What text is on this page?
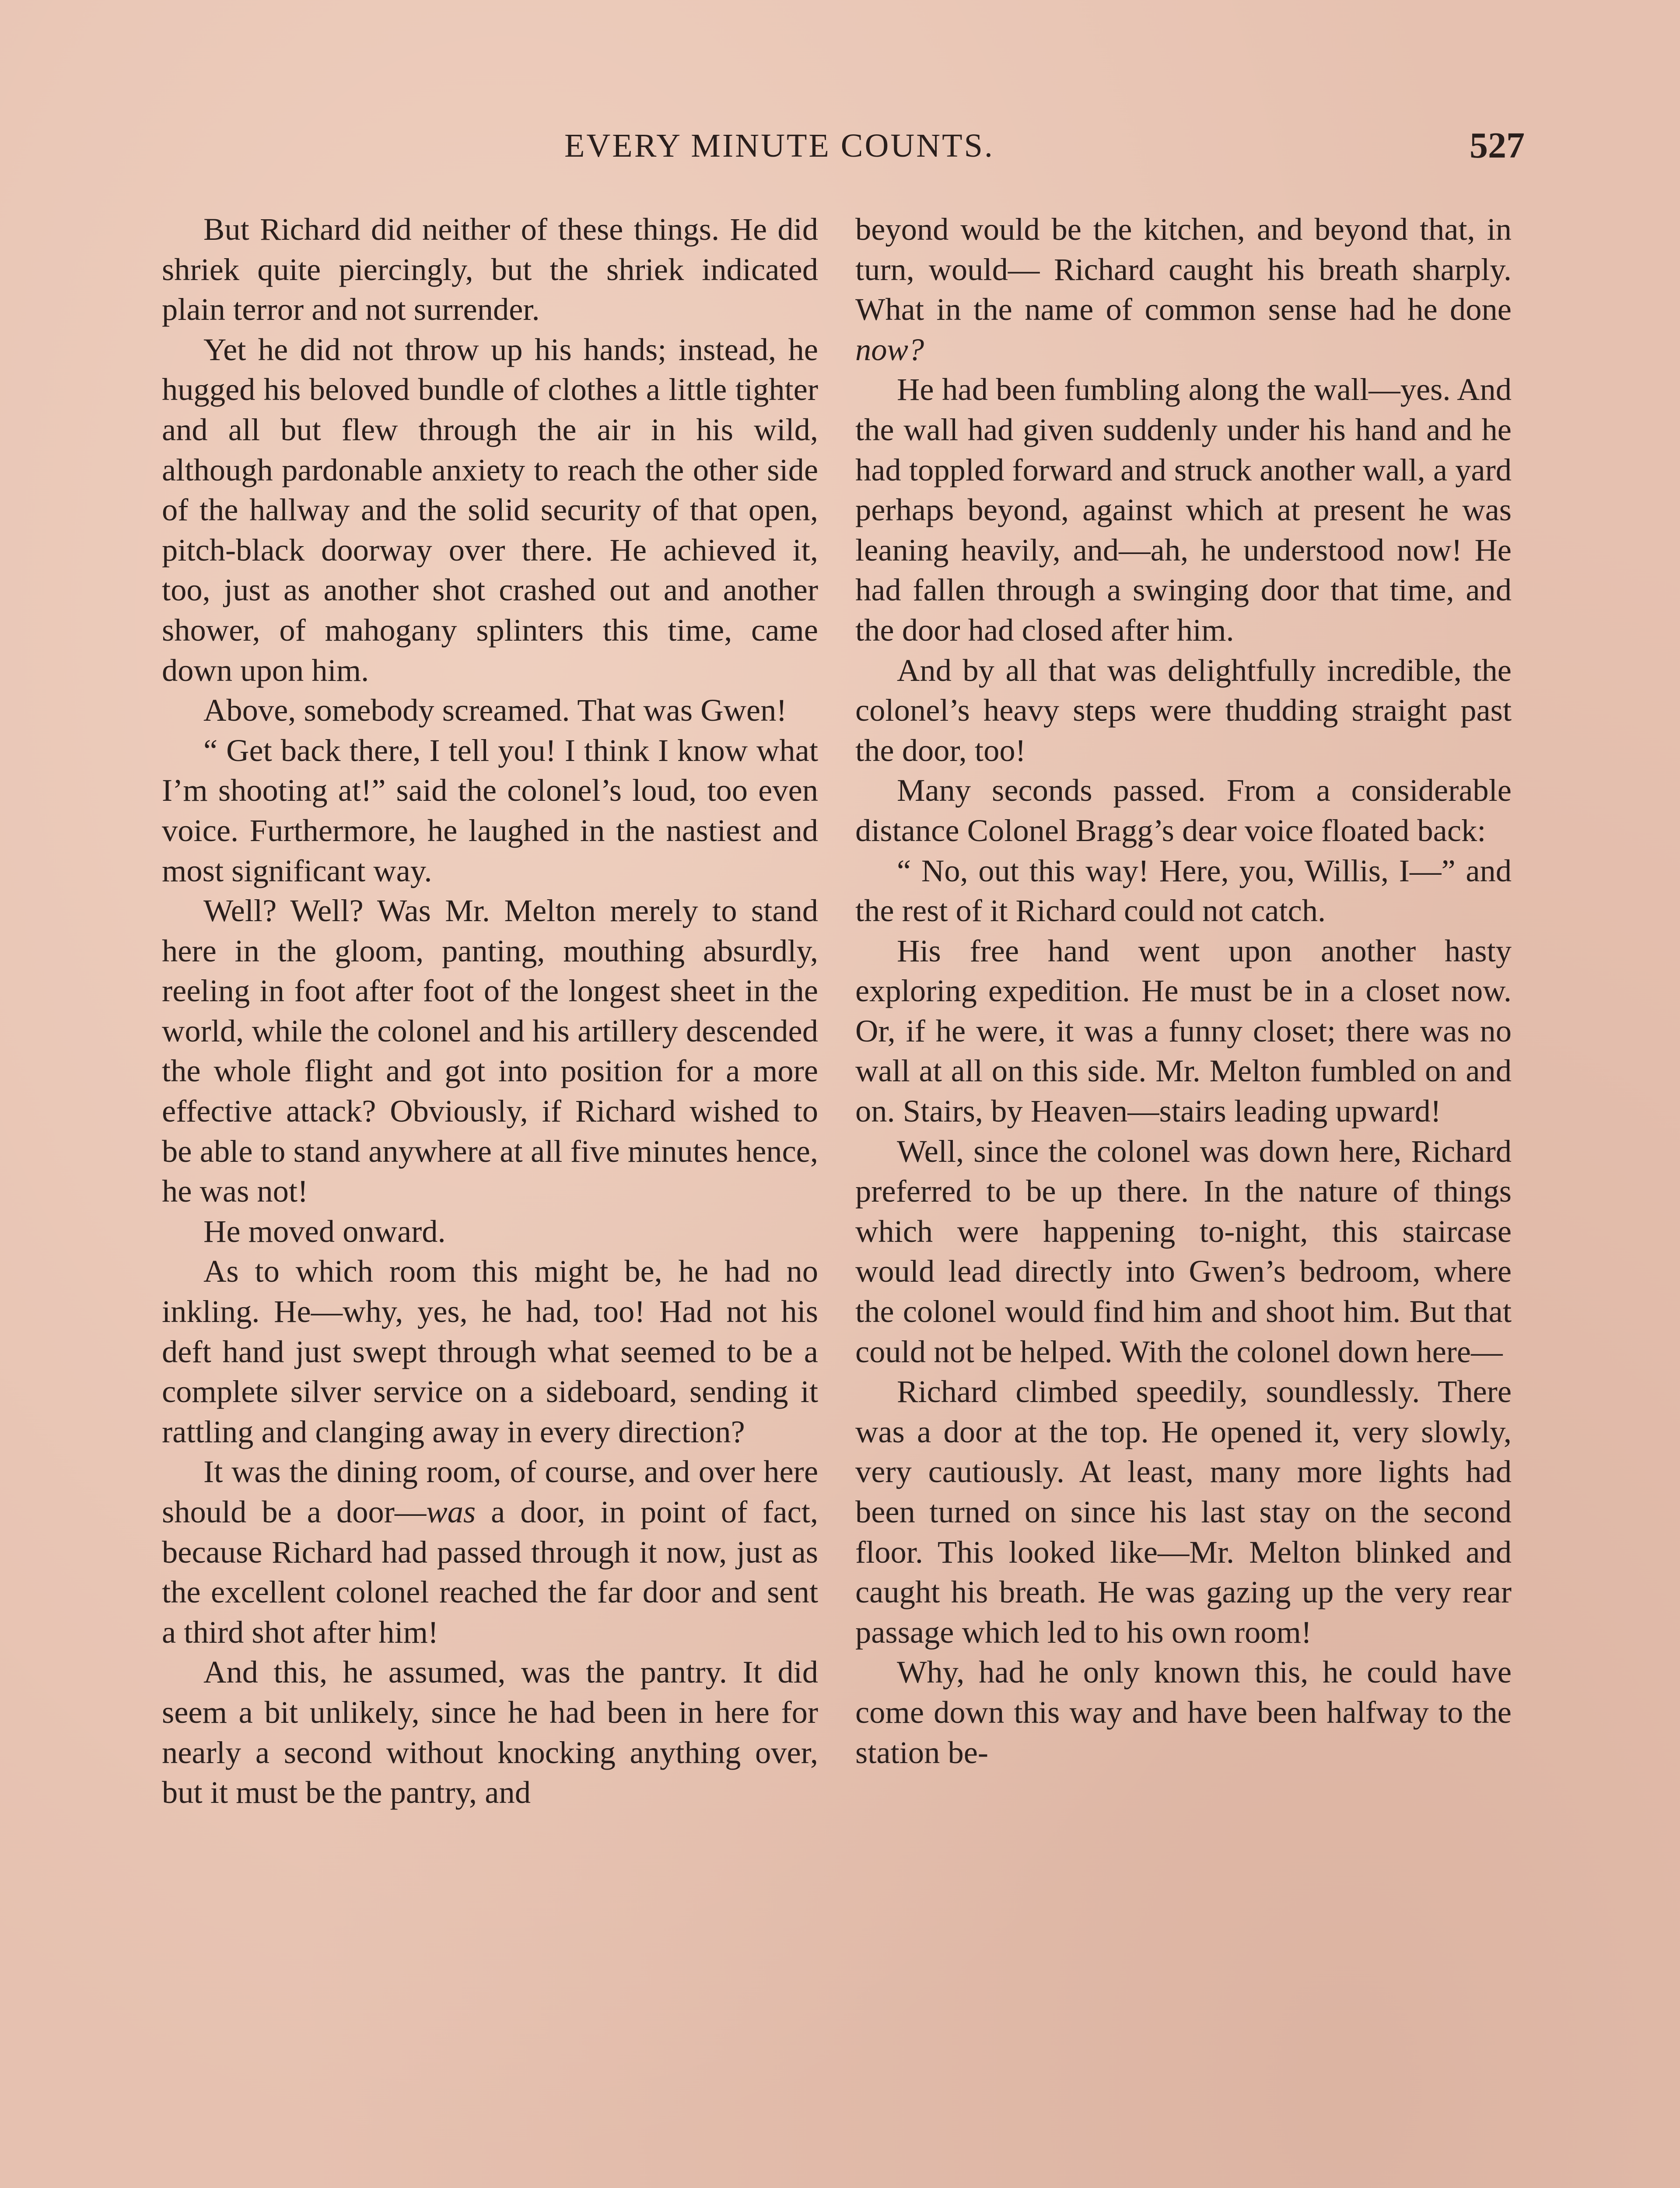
EVERY MINUTE COUNTS.	527

But Richard did neither of these things. He did shriek quite piercingly, but the shriek indicated plain terror and not surrender.

Yet he did not throw up his hands; instead, he hugged his beloved bundle of clothes a little tighter and all but flew through the air in his wild, although pardonable anxiety to reach the other side of the hallway and the solid security of that open, pitch-black doorway over there. He achieved it, too, just as another shot crashed out and another shower, of mahogany splinters this time, came down upon him.

Above, somebody screamed. That was Gwen!

“ Get back there, I tell you! I think I know what I’m shooting at!” said the colonel’s loud, too even voice. Furthermore, he laughed in the nastiest and most significant way.

Well? Well? Was Mr. Melton merely to stand here in the gloom, panting, mouthing absurdly, reeling in foot after foot of the longest sheet in the world, while the colonel and his artillery descended the whole flight and got into position for a more effective attack? Obviously, if Richard wished to be able to stand anywhere at all five minutes hence, he was not!

He moved onward.

As to which room this might be, he had no inkling. He—why, yes, he had, too! Had not his deft hand just swept through what seemed to be a complete silver service on a sideboard, sending it rattling and clanging away in every direction?

It was the dining room, of course, and over here should be a door—was a door, in point of fact, because Richard had passed through it now, just as the excellent colonel reached the far door and sent a third shot after him!

And this, he assumed, was the pantry. It did seem a bit unlikely, since he had been in here for nearly a second without knocking anything over, but it must be the pantry, and

beyond would be the kitchen, and beyond that, in turn, would— Richard caught his breath sharply. What in the name of common sense had he done now?

He had been fumbling along the wall—yes. And the wall had given suddenly under his hand and he had toppled forward and struck another wall, a yard perhaps beyond, against which at present he was leaning heavily, and—ah, he understood now! He had fallen through a swinging door that time, and the door had closed after him.

And by all that was delightfully incredible, the colonel’s heavy steps were thudding straight past the door, too!

Many seconds passed. From a considerable distance Colonel Bragg’s dear voice floated back:

“ No, out this way! Here, you, Willis, I—” and the rest of it Richard could not catch.

His free hand went upon another hasty exploring expedition. He must be in a closet now. Or, if he were, it was a funny closet; there was no wall at all on this side. Mr. Melton fumbled on and on. Stairs, by Heaven—stairs leading upward!

Well, since the colonel was down here, Richard preferred to be up there. In the nature of things which were happening to-night, this staircase would lead directly into Gwen’s bedroom, where the colonel would find him and shoot him. But that could not be helped. With the colonel down here—

Richard climbed speedily, soundlessly. There was a door at the top. He opened it, very slowly, very cautiously. At least, many more lights had been turned on since his last stay on the second floor. This looked like—Mr. Melton blinked and caught his breath. He was gazing up the very rear passage which led to his own room!

Why, had he only known this, he could have come down this way and have been halfway to the station be-
